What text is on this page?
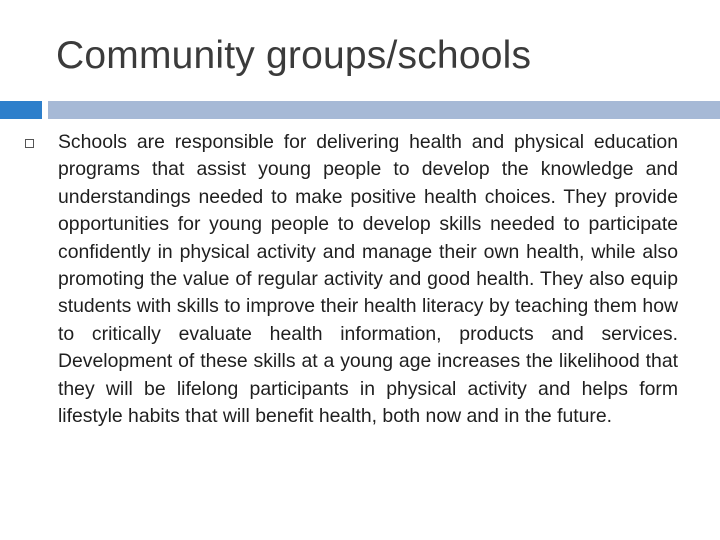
Community groups/schools

Schools are responsible for delivering health and physical education programs that assist young people to develop the knowledge and understandings needed to make positive health choices. They provide opportunities for young people to develop skills needed to participate confidently in physical activity and manage their own health, while also promoting the value of regular activity and good health. They also equip students with skills to improve their health literacy by teaching them how to critically evaluate health information, products and services. Development of these skills at a young age increases the likelihood that they will be lifelong participants in physical activity and helps form lifestyle habits that will benefit health, both now and in the future.
